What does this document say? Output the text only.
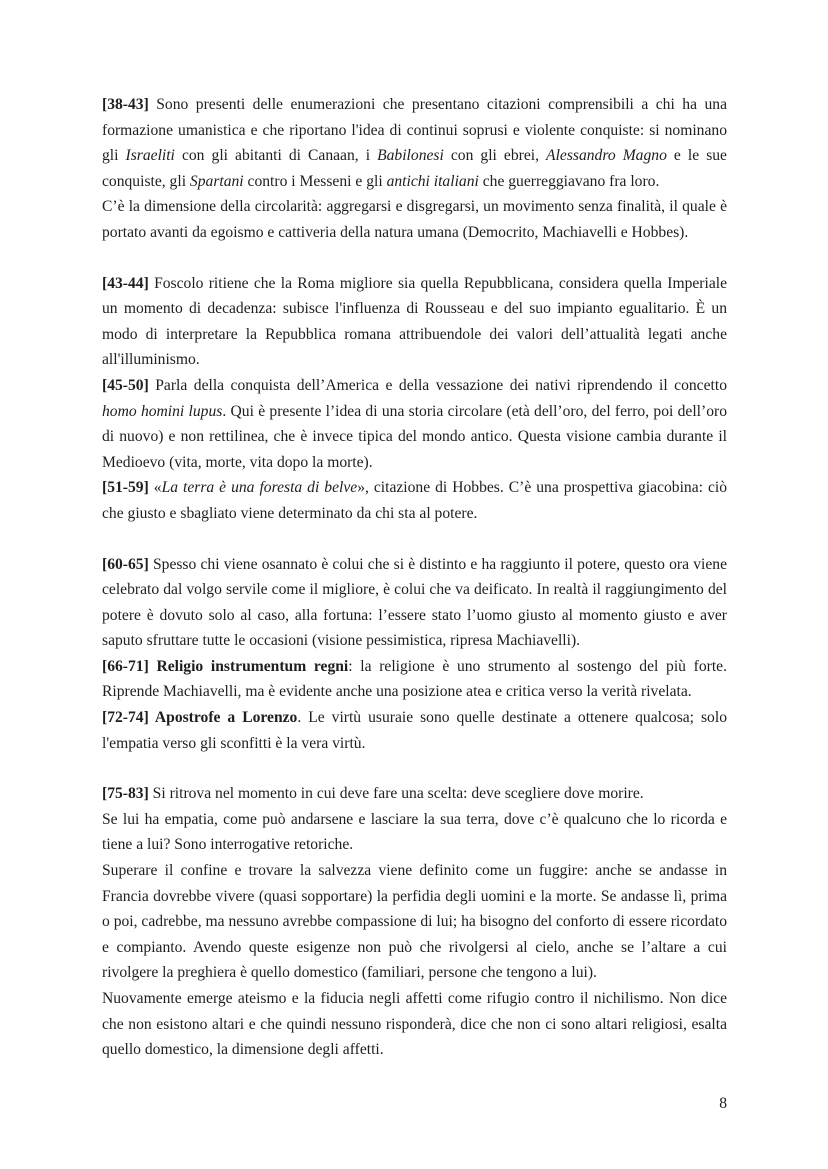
[38-43] Sono presenti delle enumerazioni che presentano citazioni comprensibili a chi ha una formazione umanistica e che riportano l'idea di continui soprusi e violente conquiste: si nominano gli Israeliti con gli abitanti di Canaan, i Babilonesi con gli ebrei, Alessandro Magno e le sue conquiste, gli Spartani contro i Messeni e gli antichi italiani che guerreggiavano fra loro.

C’è la dimensione della circolarità: aggregarsi e disgregarsi, un movimento senza finalità, il quale è portato avanti da egoismo e cattiveria della natura umana (Democrito, Machiavelli e Hobbes).

[43-44] Foscolo ritiene che la Roma migliore sia quella Repubblicana, considera quella Imperiale un momento di decadenza: subisce l'influenza di Rousseau e del suo impianto egualitario. È un modo di interpretare la Repubblica romana attribuendole dei valori dell’attualità legati anche all'illuminismo.

[45-50] Parla della conquista dell’America e della vessazione dei nativi riprendendo il concetto homo homini lupus. Qui è presente l’idea di una storia circolare (età dell’oro, del ferro, poi dell’oro di nuovo) e non rettilinea, che è invece tipica del mondo antico. Questa visione cambia durante il Medioevo (vita, morte, vita dopo la morte).

[51-59] «La terra è una foresta di belve», citazione di Hobbes. C’è una prospettiva giacobina: ciò che giusto e sbagliato viene determinato da chi sta al potere.

[60-65] Spesso chi viene osannato è colui che si è distinto e ha raggiunto il potere, questo ora viene celebrato dal volgo servile come il migliore, è colui che va deificato. In realtà il raggiungimento del potere è dovuto solo al caso, alla fortuna: l’essere stato l’uomo giusto al momento giusto e aver saputo sfruttare tutte le occasioni (visione pessimistica, ripresa Machiavelli).

[66-71] Religio instrumentum regni: la religione è uno strumento al sostengo del più forte. Riprende Machiavelli, ma è evidente anche una posizione atea e critica verso la verità rivelata.

[72-74] Apostrofe a Lorenzo. Le virtù usuraie sono quelle destinate a ottenere qualcosa; solo l'empatia verso gli sconfitti è la vera virtù.

[75-83] Si ritrova nel momento in cui deve fare una scelta: deve scegliere dove morire.

Se lui ha empatia, come può andarsene e lasciare la sua terra, dove c’è qualcuno che lo ricorda e tiene a lui? Sono interrogative retoriche.

Superare il confine e trovare la salvezza viene definito come un fuggire: anche se andasse in Francia dovrebbe vivere (quasi sopportare) la perfidia degli uomini e la morte. Se andasse lì, prima o poi, cadrebbe, ma nessuno avrebbe compassione di lui; ha bisogno del conforto di essere ricordato e compianto. Avendo queste esigenze non può che rivolgersi al cielo, anche se l’altare a cui rivolgere la preghiera è quello domestico (familiari, persone che tengono a lui).

Nuovamente emerge ateismo e la fiducia negli affetti come rifugio contro il nichilismo. Non dice che non esistono altari e che quindi nessuno risponderà, dice che non ci sono altari religiosi, esalta quello domestico, la dimensione degli affetti.

8
